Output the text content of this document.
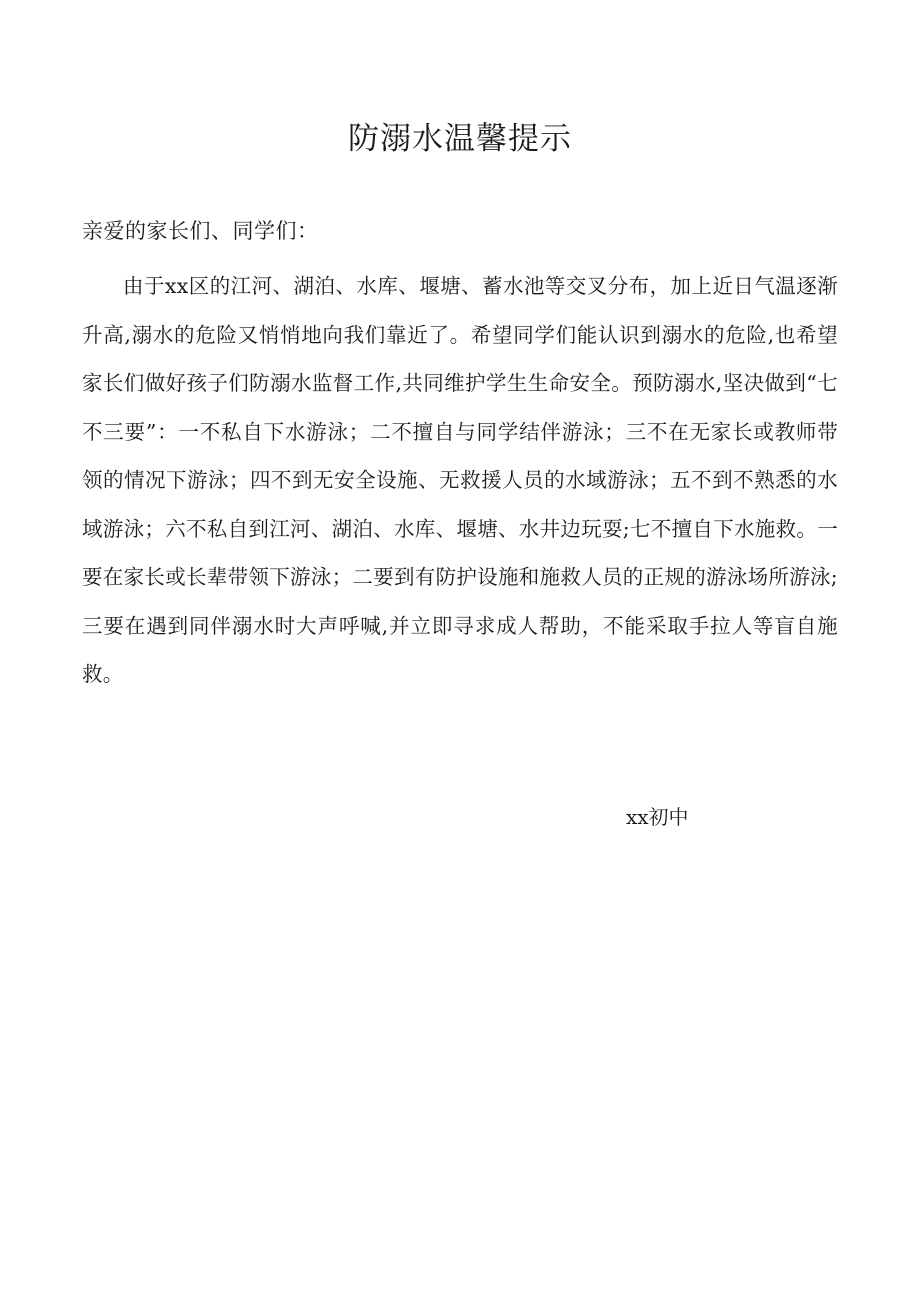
防溺水温馨提示
亲爱的家长们、同学们：

由于xx区的江河、湖泊、水库、堰塘、蓄水池等交叉分布，加上近日气温逐渐升高,溺水的危险又悄悄地向我们靠近了。希望同学们能认识到溺水的危险,也希望家长们做好孩子们防溺水监督工作,共同维护学生生命安全。预防溺水,坚决做到“七不三要”：一不私自下水游泳；二不擅自与同学结伴游泳；三不在无家长或教师带领的情况下游泳；四不到无安全设施、无救援人员的水域游泳；五不到不熟悉的水域游泳；六不私自到江河、湖泊、水库、堰塘、水井边玩耍;七不擅自下水施救。一要在家长或长辈带领下游泳；二要到有防护设施和施救人员的正规的游泳场所游泳;三要在遇到同伴溺水时大声呼喊,并立即寻求成人帮助，不能采取手拉人等盲自施救。

xx初中
